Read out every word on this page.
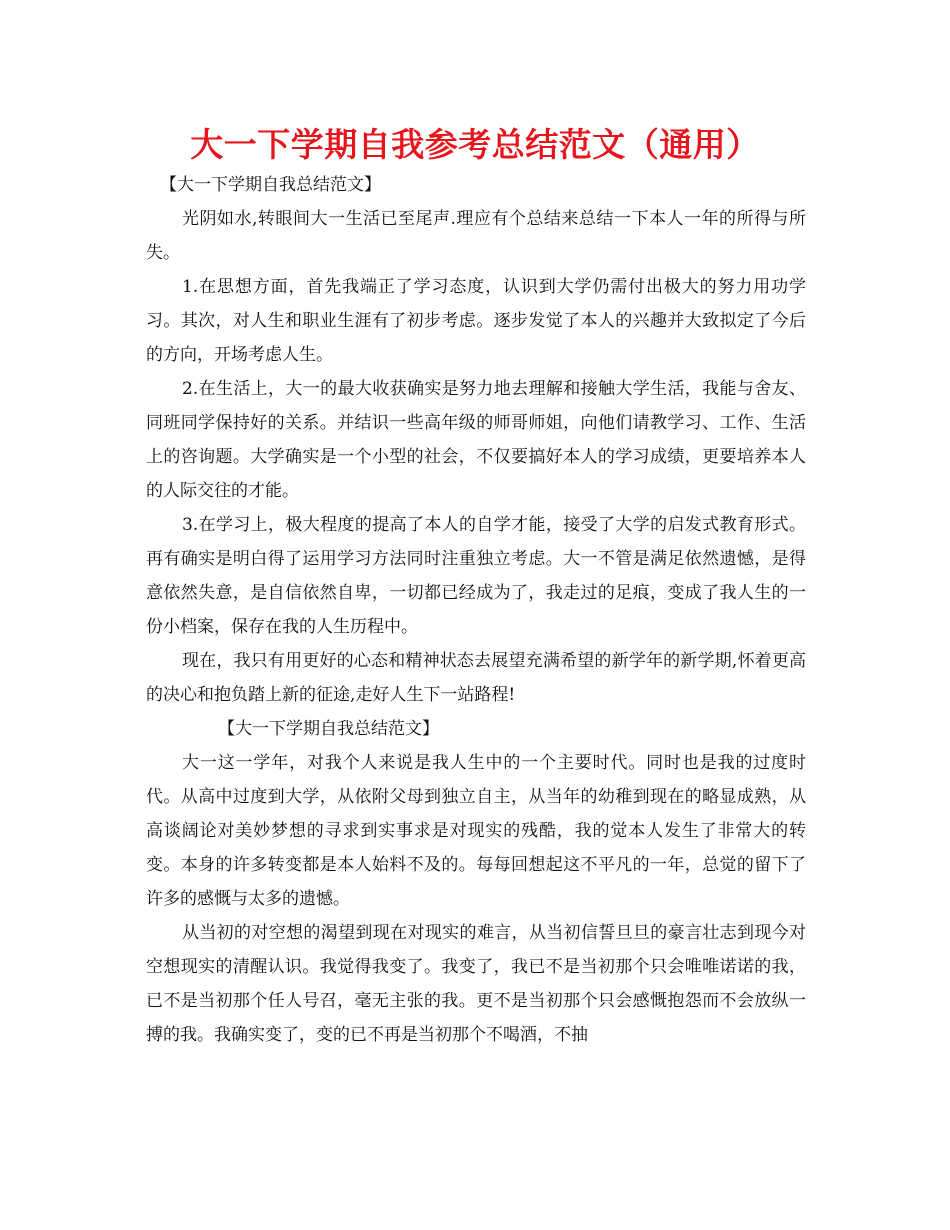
大一下学期自我参考总结范文（通用）

【大一下学期自我总结范文】

光阴如水,转眼间大一生活已至尾声.理应有个总结来总结一下本人一年的所得与所失。

1.在思想方面，首先我端正了学习态度，认识到大学仍需付出极大的努力用功学习。其次，对人生和职业生涯有了初步考虑。逐步发觉了本人的兴趣并大致拟定了今后的方向，开场考虑人生。

2.在生活上，大一的最大收获确实是努力地去理解和接触大学生活，我能与舍友、同班同学保持好的关系。并结识一些高年级的师哥师姐，向他们请教学习、工作、生活上的咨询题。大学确实是一个小型的社会，不仅要搞好本人的学习成绩，更要培养本人的人际交往的才能。

3.在学习上，极大程度的提高了本人的自学才能，接受了大学的启发式教育形式。再有确实是明白得了运用学习方法同时注重独立考虑。大一不管是满足依然遗憾，是得意依然失意，是自信依然自卑，一切都已经成为了，我走过的足痕，变成了我人生的一份小档案，保存在我的人生历程中。

现在，我只有用更好的心态和精神状态去展望充满希望的新学年的新学期,怀着更高的决心和抱负踏上新的征途,走好人生下一站路程!

【大一下学期自我总结范文】

大一这一学年，对我个人来说是我人生中的一个主要时代。同时也是我的过度时代。从高中过度到大学，从依附父母到独立自主，从当年的幼稚到现在的略显成熟，从高谈阔论对美妙梦想的寻求到实事求是对现实的残酷，我的觉本人发生了非常大的转变。本身的许多转变都是本人始料不及的。每每回想起这不平凡的一年，总觉的留下了许多的感慨与太多的遗憾。

从当初的对空想的渴望到现在对现实的难言，从当初信誓旦旦的豪言壮志到现今对空想现实的清醒认识。我觉得我变了。我变了，我已不是当初那个只会唯唯诺诺的我，已不是当初那个任人号召，毫无主张的我。更不是当初那个只会感慨抱怨而不会放纵一搏的我。我确实变了，变的已不再是当初那个不喝酒，不抽
